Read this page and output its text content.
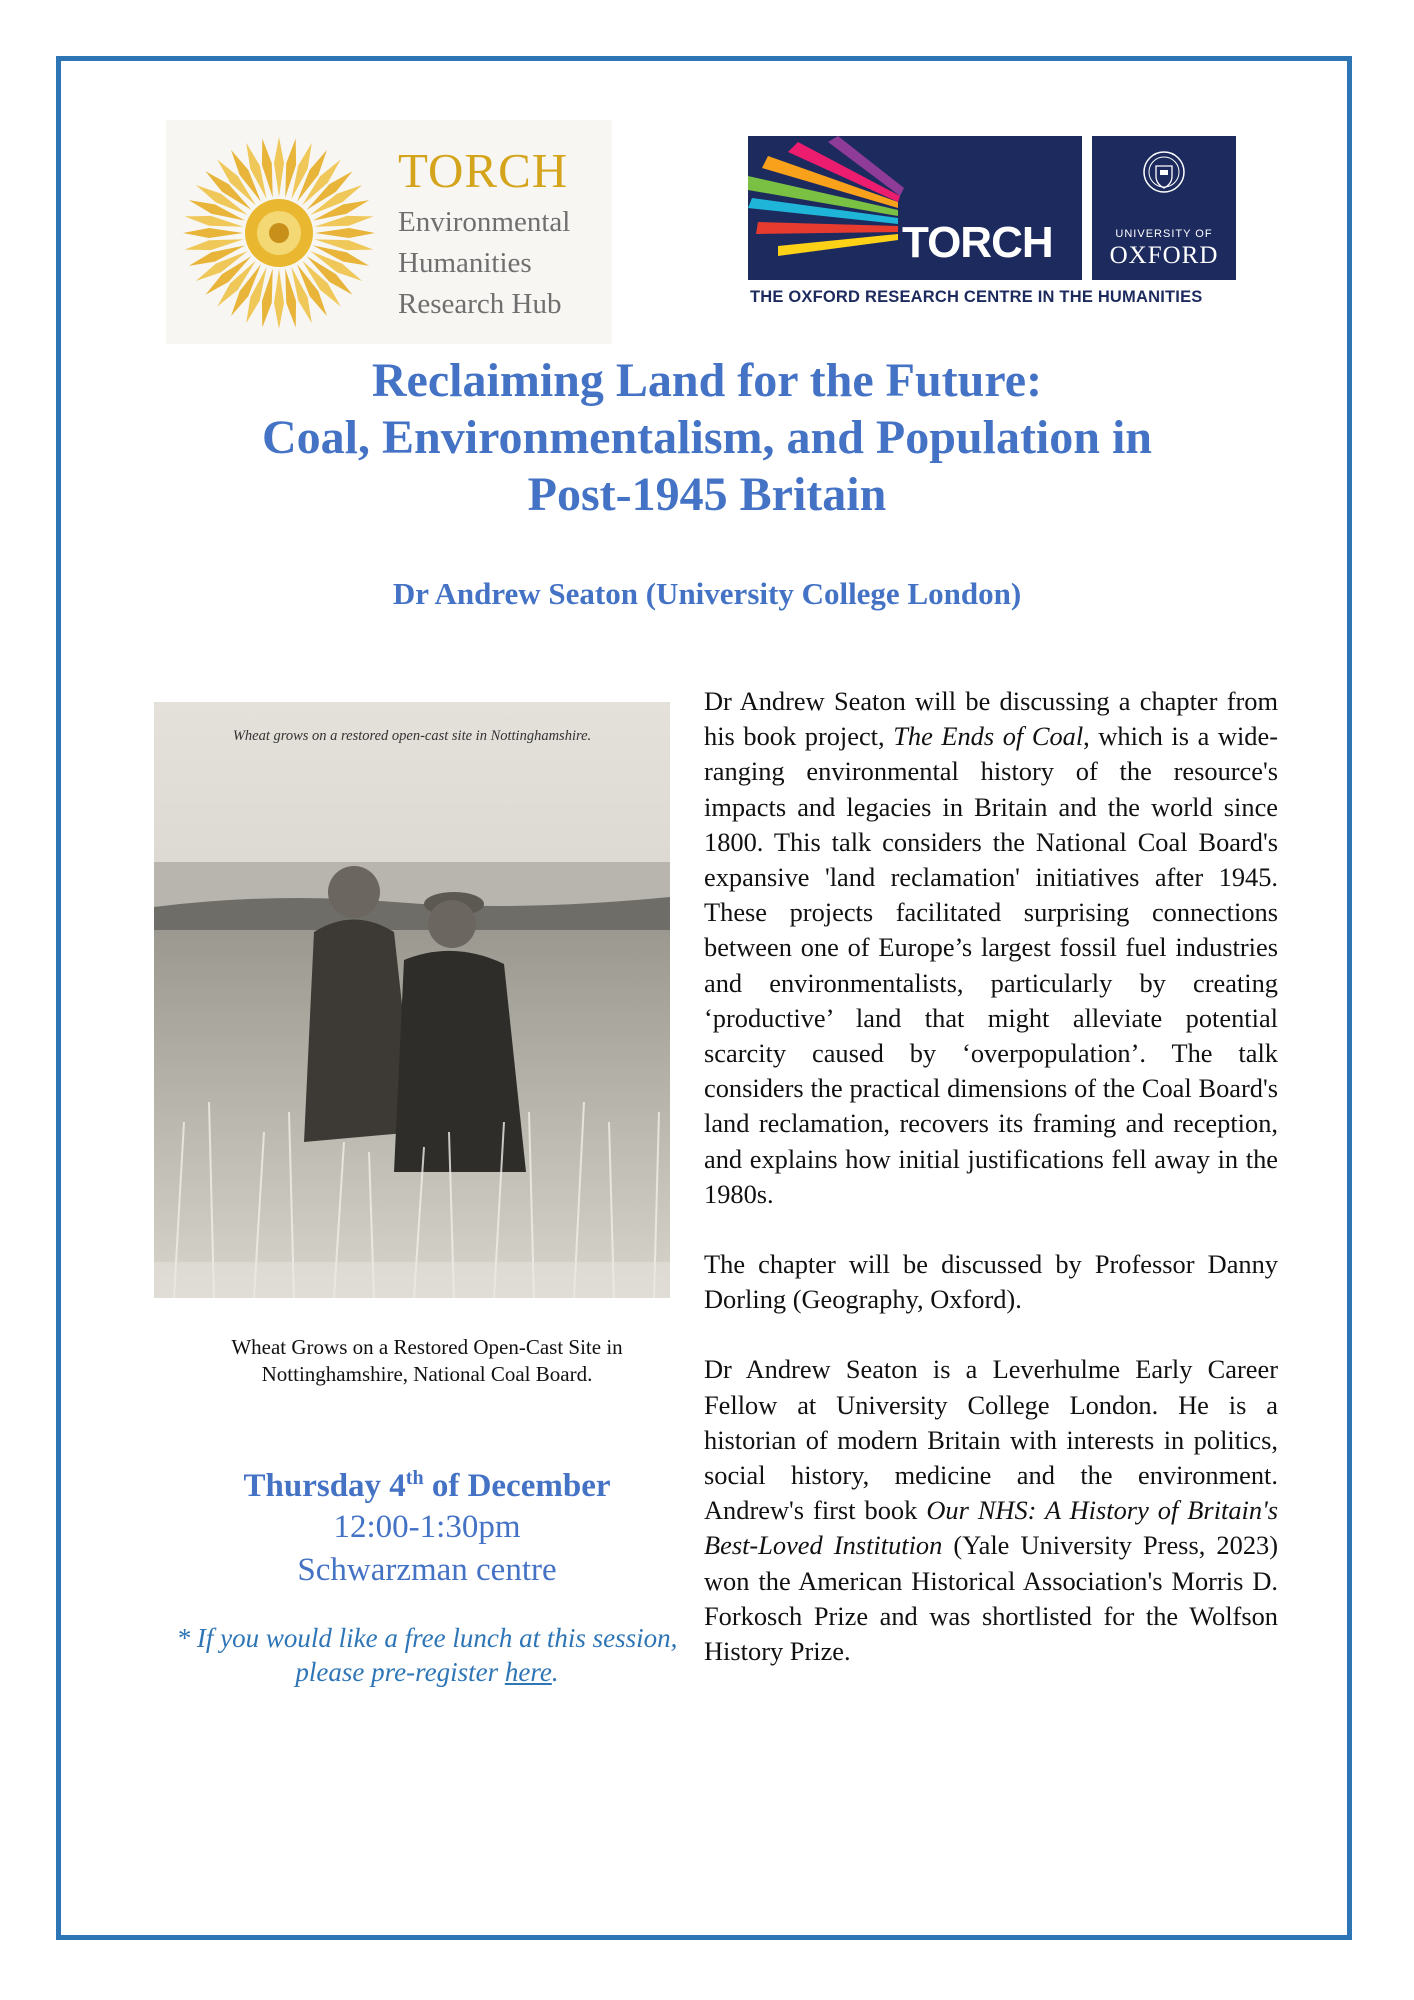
TORCH
Environmental
Humanities
Research Hub
TORCH	UNIVERSITY OF
OXFORD
THE OXFORD RESEARCH CENTRE IN THE HUMANITIES
Reclaiming Land for the Future:
Coal, Environmentalism, and Population in
Post-1945 Britain
Dr Andrew Seaton (University College London)
Wheat grows on a restored open-cast site in Nottinghamshire.

Wheat Grows on a Restored Open-Cast Site in
Nottinghamshire, National Coal Board.

Thursday 4th of December
12:00-1:30pm
Schwarzman centre
* If you would like a free lunch at this session, please pre-register here.

Dr Andrew Seaton will be discussing a chapter from his book project, The Ends of Coal, which is a wide-ranging environmental history of the resource's impacts and legacies in Britain and the world since 1800. This talk considers the National Coal Board's expansive 'land reclamation' initiatives after 1945. These projects facilitated surprising connections between one of Europe’s largest fossil fuel industries and environmentalists, particularly by creating ‘productive’ land that might alleviate potential scarcity caused by ‘overpopulation’. The talk considers the practical dimensions of the Coal Board's land reclamation, recovers its framing and reception, and explains how initial justifications fell away in the 1980s.

The chapter will be discussed by Professor Danny Dorling (Geography, Oxford).

Dr Andrew Seaton is a Leverhulme Early Career Fellow at University College London. He is a historian of modern Britain with interests in politics, social history, medicine and the environment. Andrew's first book Our NHS: A History of Britain's Best-Loved Institution (Yale University Press, 2023) won the American Historical Association's Morris D. Forkosch Prize and was shortlisted for the Wolfson History Prize.
